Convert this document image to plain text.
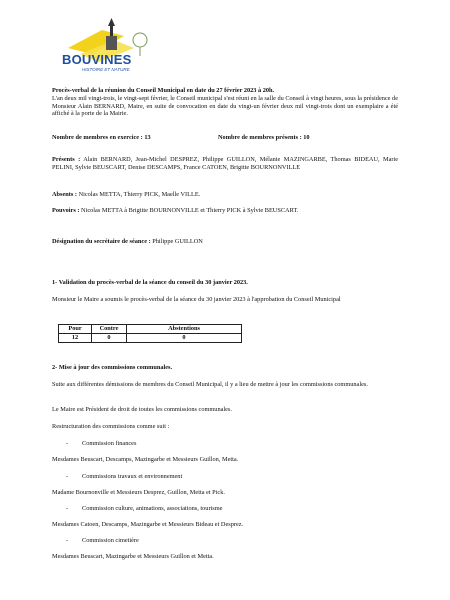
BOUVINES
HISTOIRE ET NATURE

Procès-verbal de la réunion du Conseil Municipal en date du 27 février 2023 à 20h.

L'an deux mil vingt-trois, le vingt-sept février, le Conseil municipal s'est réuni en la salle du Conseil à vingt heures, sous la présidence de Monsieur Alain BERNARD, Maire, en suite de convocation en date du vingt-un février deux mil vingt-trois dont un exemplaire a été affiché à la porte de la Mairie.

Nombre de membres en exercice : 13	Nombre de membres présents : 10

Présents : Alain BERNARD, Jean-Michel DESPREZ, Philippe GUILLON, Mélanie MAZINGARBE, Thomas BIDEAU, Marie PELINI, Sylvie BEUSCART, Denise DESCAMPS, France CATOEN, Brigitte BOURNONVILLE

Absents : Nicolas METTA, Thierry PICK, Maelle VILLE.

Pouvoirs : Nicolas METTA à Brigitte BOURNONVILLE et Thierry PICK à Sylvie BEUSCART.

Désignation du secrétaire de séance : Philippe GUILLON

1- Validation du procès-verbal de la séance du conseil du 30 janvier 2023.

Monsieur le Maire a soumis le procès-verbal de la séance du 30 janvier 2023 à l'approbation du Conseil Municipal

Pour	Contre	Abstentions
12	0	0

2- Mise à jour des commissions communales.

Suite aux différentes démissions de membres du Conseil Municipal, il y a lieu de mettre à jour les commissions communales.

Le Maire est Président de droit de toutes les commissions communales.

Restructuration des commissions comme suit :

- Commission finances

Mesdames Beuscart, Descamps, Mazingarbe et Messieurs Guillon, Metta.

- Commissions travaux et environnement

Madame Bournonville et Messieurs Desprez, Guillon, Metta et Pick.

- Commission culture, animations, associations, tourisme

Mesdames Catoen, Descamps, Mazingarbe et Messieurs Bideau et Desprez.

- Commission cimetière

Mesdames Beuscart, Mazingarbe et Messieurs Guillon et Metta.
